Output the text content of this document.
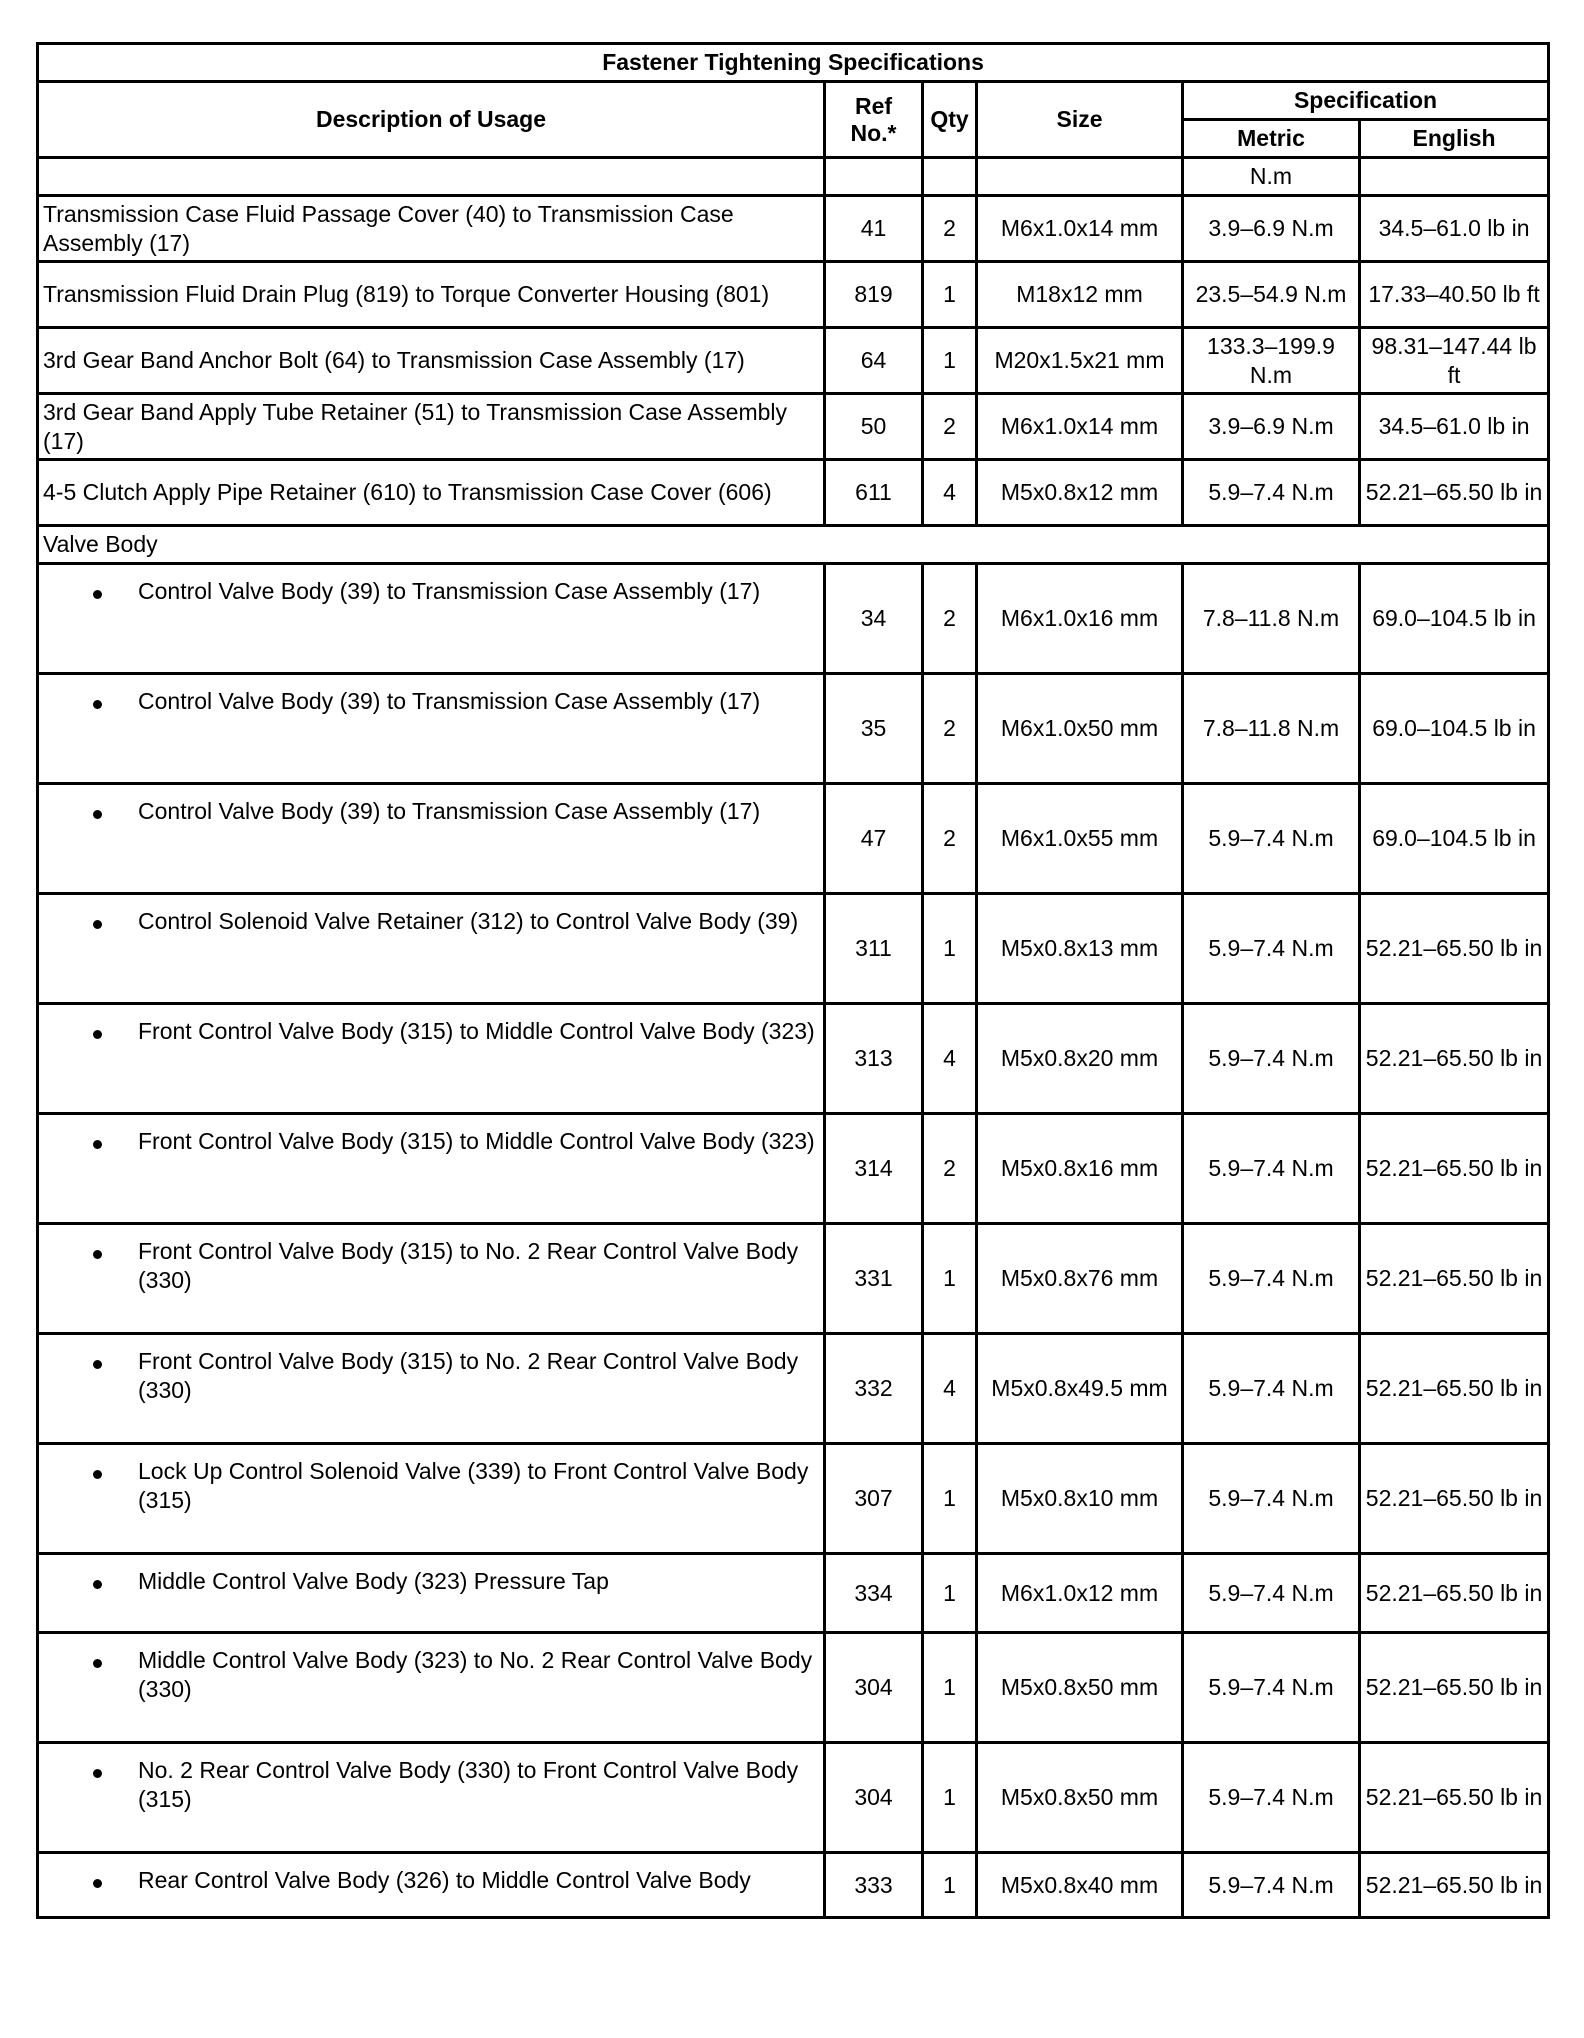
Fastener Tightening Specifications					
Description of Usage	Ref No.*	Qty	Size	Specification	
				Metric	English
				N.m	
Transmission Case Fluid Passage Cover (40) to Transmission Case Assembly (17)	41	2	M6x1.0x14 mm	3.9–6.9 N.m	34.5–61.0 lb in
Transmission Fluid Drain Plug (819) to Torque Converter Housing (801)	819	1	M18x12 mm	23.5–54.9 N.m	17.33–40.50 lb ft
3rd Gear Band Anchor Bolt (64) to Transmission Case Assembly (17)	64	1	M20x1.5x21 mm	133.3–199.9 N.m	98.31–147.44 lb ft
3rd Gear Band Apply Tube Retainer (51) to Transmission Case Assembly (17)	50	2	M6x1.0x14 mm	3.9–6.9 N.m	34.5–61.0 lb in
4-5 Clutch Apply Pipe Retainer (610) to Transmission Case Cover (606)	611	4	M5x0.8x12 mm	5.9–7.4 N.m	52.21–65.50 lb in
Valve Body					

Control Valve Body (39) to Transmission Case Assembly (17)	34	2	M6x1.0x16 mm	7.8–11.8 N.m	69.0–104.5 lb in

Control Valve Body (39) to Transmission Case Assembly (17)	35	2	M6x1.0x50 mm	7.8–11.8 N.m	69.0–104.5 lb in

Control Valve Body (39) to Transmission Case Assembly (17)	47	2	M6x1.0x55 mm	5.9–7.4 N.m	69.0–104.5 lb in

Control Solenoid Valve Retainer (312) to Control Valve Body (39)	311	1	M5x0.8x13 mm	5.9–7.4 N.m	52.21–65.50 lb in

Front Control Valve Body (315) to Middle Control Valve Body (323)	313	4	M5x0.8x20 mm	5.9–7.4 N.m	52.21–65.50 lb in

Front Control Valve Body (315) to Middle Control Valve Body (323)	314	2	M5x0.8x16 mm	5.9–7.4 N.m	52.21–65.50 lb in

Front Control Valve Body (315) to No. 2 Rear Control Valve Body (330)	331	1	M5x0.8x76 mm	5.9–7.4 N.m	52.21–65.50 lb in

Front Control Valve Body (315) to No. 2 Rear Control Valve Body (330)	332	4	M5x0.8x49.5 mm	5.9–7.4 N.m	52.21–65.50 lb in

Lock Up Control Solenoid Valve (339) to Front Control Valve Body (315)	307	1	M5x0.8x10 mm	5.9–7.4 N.m	52.21–65.50 lb in

Middle Control Valve Body (323) Pressure Tap	334	1	M6x1.0x12 mm	5.9–7.4 N.m	52.21–65.50 lb in

Middle Control Valve Body (323) to No. 2 Rear Control Valve Body (330)	304	1	M5x0.8x50 mm	5.9–7.4 N.m	52.21–65.50 lb in

No. 2 Rear Control Valve Body (330) to Front Control Valve Body (315)	304	1	M5x0.8x50 mm	5.9–7.4 N.m	52.21–65.50 lb in

Rear Control Valve Body (326) to Middle Control Valve Body	333	1	M5x0.8x40 mm	5.9–7.4 N.m	52.21–65.50 lb in
